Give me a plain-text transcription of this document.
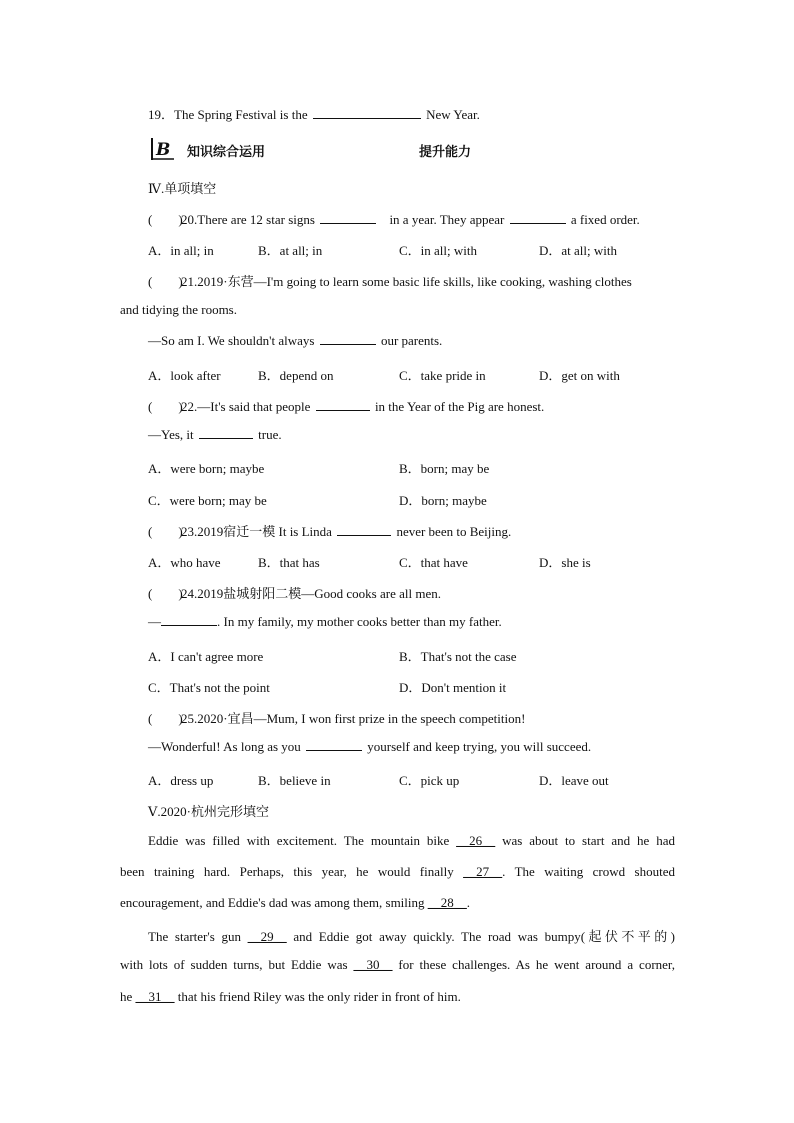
19．The Spring Festival is the	New Year.
B 知识综合运用	提升能力
Ⅳ.单项填空
(　　)20.There are 12 star signs	in a year. They appear	a fixed order.
A．in all; in	B．at all; in	C．in all; with	D．at all; with
(　　)21.2019·东营—I'm going to learn some basic life skills, like cooking, washing clothes
and tidying the rooms.
—So am I. We shouldn't always	our parents.
A．look after	B．depend on	C．take pride in	D．get on with
(　　)22.—It's said that people	in the Year of the Pig are honest.
—Yes, it	true.
A．were born; maybe	B．born; may be
C．were born; may be	D．born; maybe
(　　)23.2019宿迁一模 It is Linda	never been to Beijing.
A．who have	B．that has	C．that have	D．she is
(　　)24.2019盐城射阳二模—Good cooks are all men.
—	. In my family, my mother cooks better than my father.
A．I can't agree more	B．That's not the case
C．That's not the point	D．Don't mention it
(　　)25.2020·宜昌—Mum, I won first prize in the speech competition!
—Wonderful! As long as you	yourself and keep trying, you will succeed.
A．dress up	B．believe in	C．pick up	D．leave out
Ⅴ.2020·杭州完形填空
Eddie was filled with excitement. The mountain bike __26__ was about to start and he had
been training hard. Perhaps, this year, he would finally __27__. The waiting crowd shouted
encouragement, and Eddie's dad was among them, smiling __28__.
The starter's gun __29__ and Eddie got away quickly. The road was bumpy(起伏不平的)
with lots of sudden turns, but Eddie was __30__ for these challenges. As he went around a corner,
he __31__ that his friend Riley was the only rider in front of him.
